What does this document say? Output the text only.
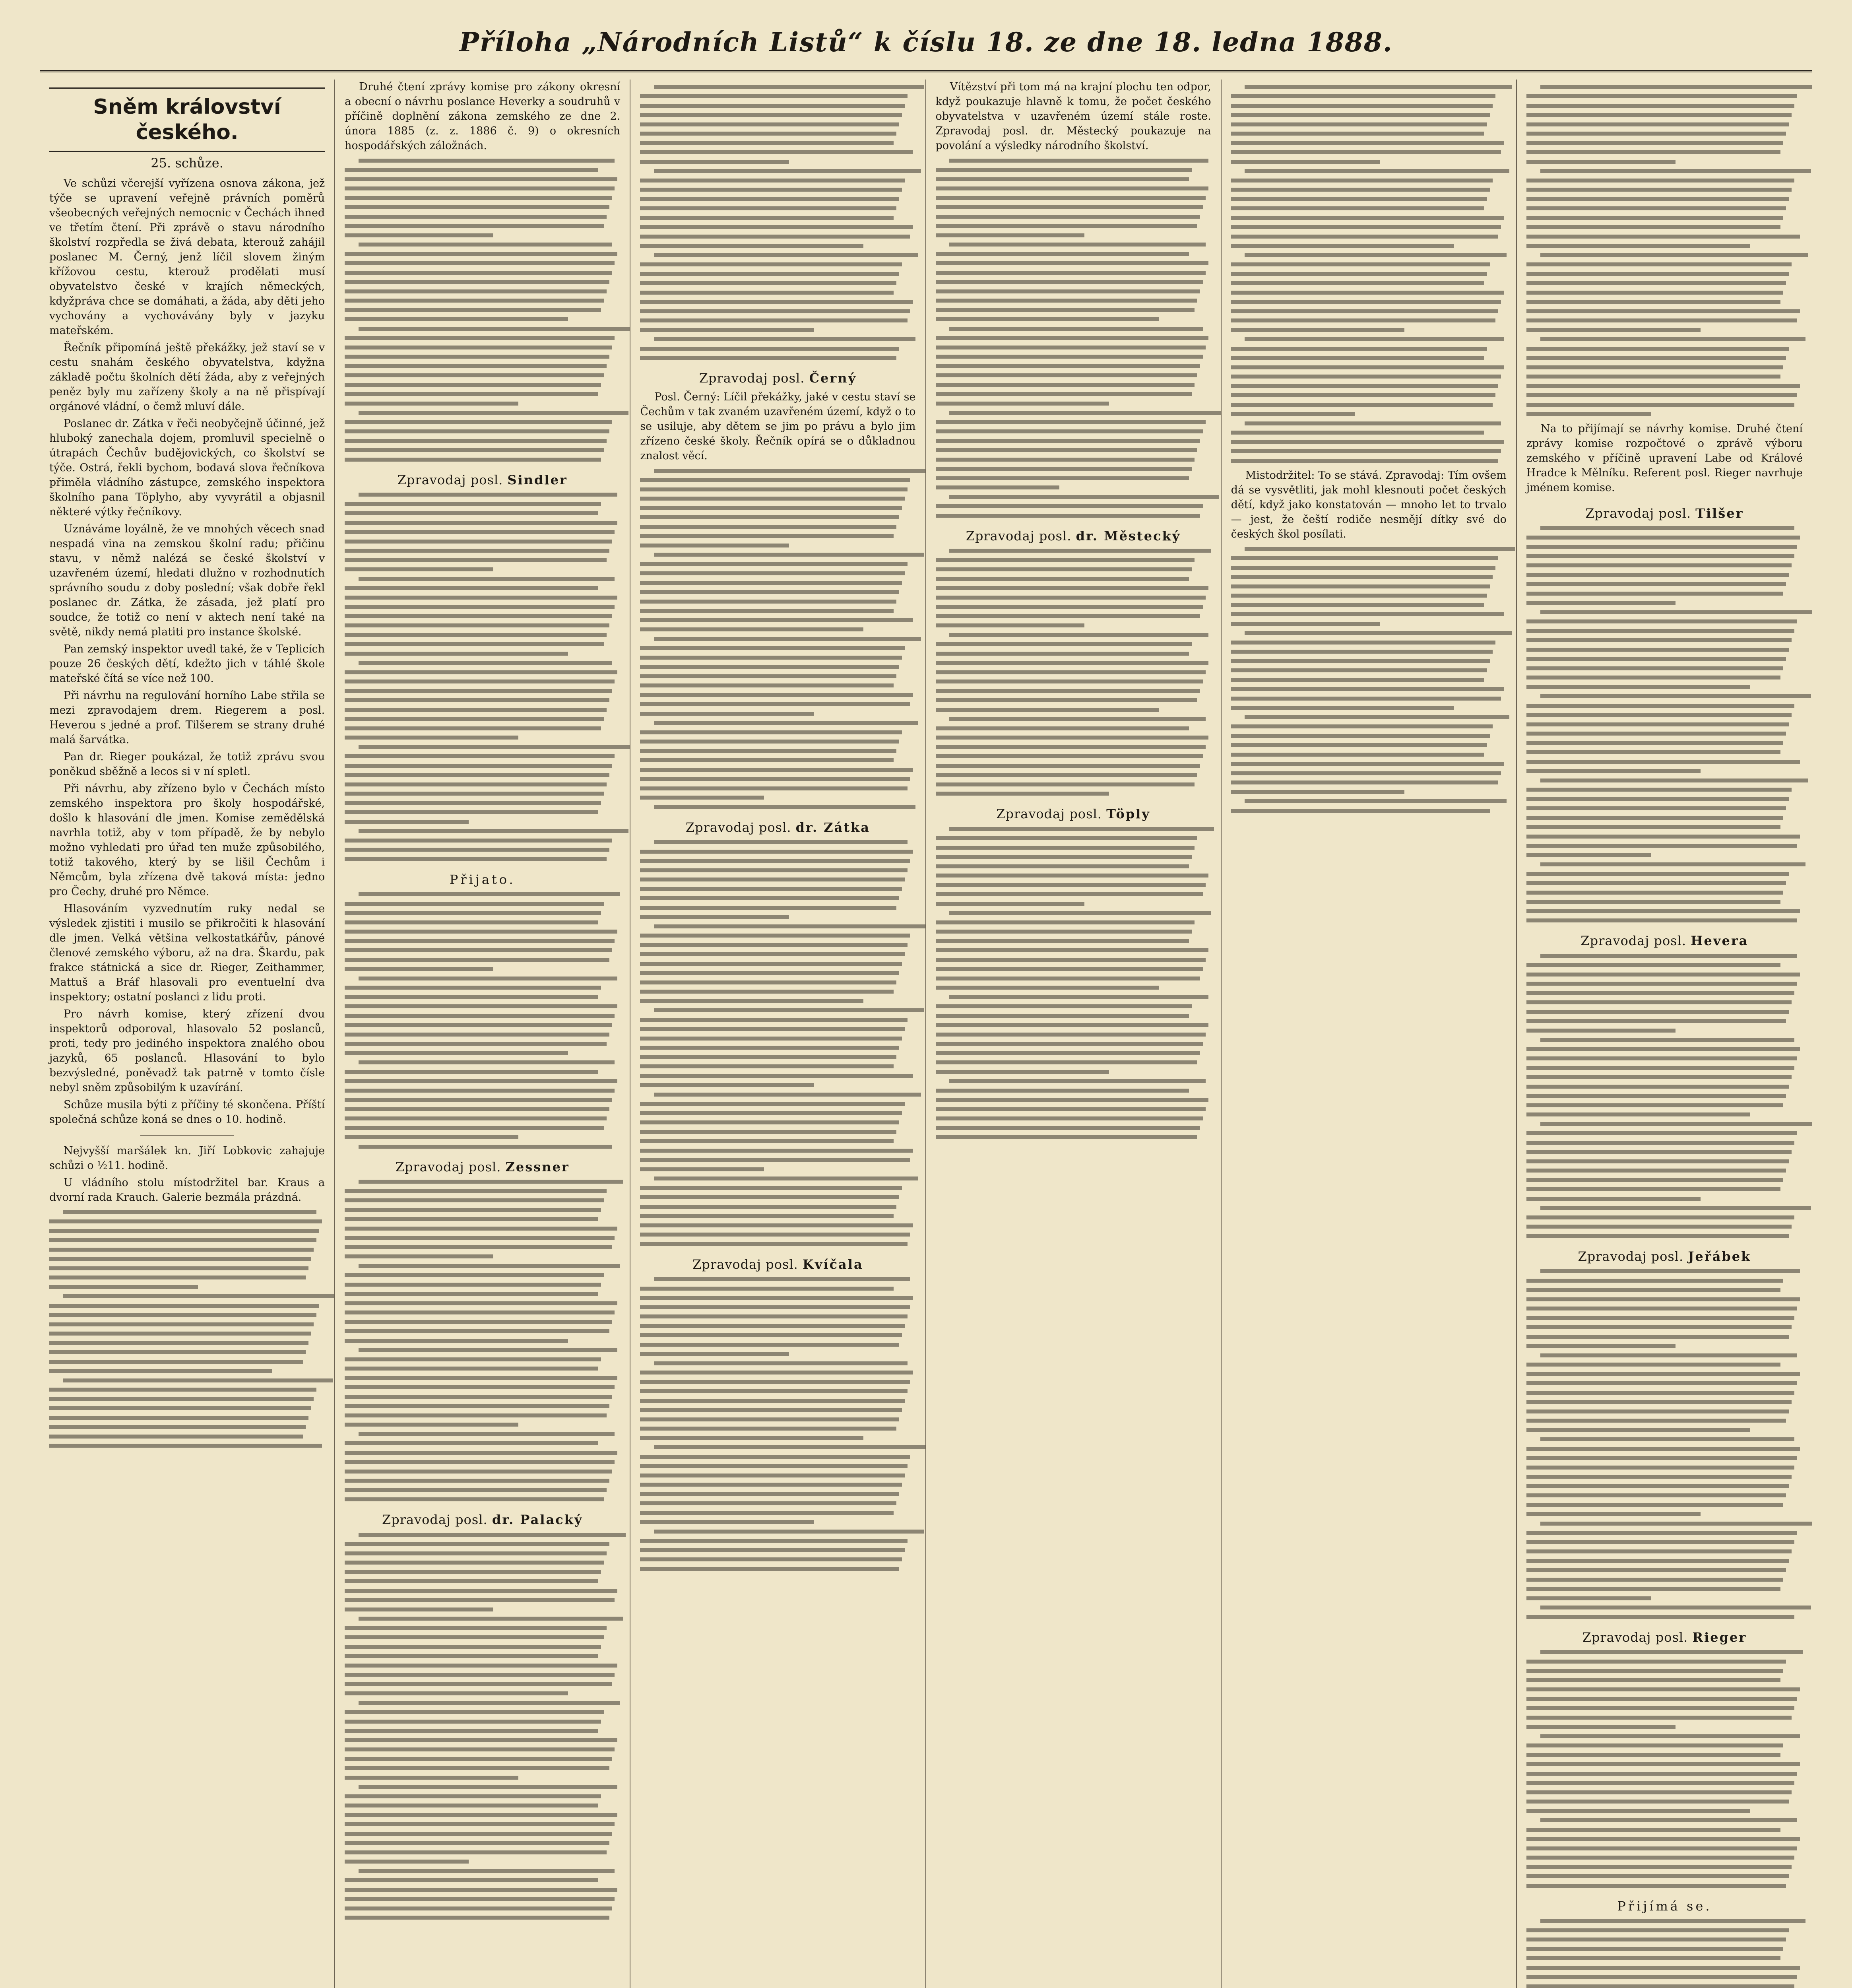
Příloha „Národních Listů“ k číslu 18. ze dne 18. ledna 1888.
Sněm království českého.
25. schůze.

Ve schůzi včerejší vyřízena osnova zákona, jež týče se upravení veřejně právních poměrů všeobecných veřejných nemocnic v Čechách ihned ve třetím čtení. Při zprávě o stavu národního školství rozpředla se živá debata, kterouž zahájil poslanec M. Černý, jenž líčil slovem žiným křížovou cestu, kterouž prodělati musí obyvatelstvo české v krajích německých, kdyžpráva chce se domáhati, a žáda, aby děti jeho vychovány a vychovávány byly v jazyku mateřském.

Řečník připomíná ještě překážky, jež staví se v cestu snahám českého obyvatelstva, kdyžna základě počtu školních dětí žáda, aby z veřejných peněz byly mu zařízeny školy a na ně přispívají orgánové vládní, o čemž mluví dále.

Poslanec dr. Zátka v řeči neobyčejně účinné, jež hluboký zanechala dojem, promluvil specielně o útrapách Čechův budějovických, co školství se týče. Ostrá, řekli bychom, bodavá slova řečníkova přiměla vládního zástupce, zemského inspektora školního pana Töplyho, aby vyvyrátil a objasnil některé výtky řečníkovy.

Uznáváme loyálně, že ve mnohých věcech snad nespadá vina na zemskou školní radu; přičinu stavu, v němž nalézá se české školství v uzavřeném území, hledati dlužno v rozhodnutích správního soudu z doby poslední; však dobře řekl poslanec dr. Zátka, že zásada, jež platí pro soudce, že totiž co není v aktech není také na světě, nikdy nemá platiti pro instance školské.

Pan zemský inspektor uvedl také, že v Teplicích pouze 26 českých dětí, kdežto jich v táhlé škole mateřské čítá se více než 100.

Při návrhu na regulování horního Labe střila se mezi zpravodajem drem. Riegerem a posl. Heverou s jedné a prof. Tilšerem se strany druhé malá šarvátka.

Pan dr. Rieger poukázal, že totiž zprávu svou poněkud sběžně a lecos si v ní spletl.

Při návrhu, aby zřízeno bylo v Čechách místo zemského inspektora pro školy hospodářské, došlo k hlasování dle jmen. Komise zemědělská navrhla totiž, aby v tom případě, že by nebylo možno vyhledati pro úřad ten muže způsobilého, totiž takového, který by se lišil Čechům i Němcům, byla zřízena dvě taková místa: jedno pro Čechy, druhé pro Němce.

Hlasováním vyzvednutím ruky nedal se výsledek zjistiti i musilo se přikročiti k hlasování dle jmen. Velká většina velkostatkářův, pánové členové zemského výboru, až na dra. Škardu, pak frakce státnická a sice dr. Rieger, Zeithammer, Mattuš a Bráf hlasovali pro eventuelní dva inspektory; ostatní poslanci z lidu proti.

Pro návrh komise, který zřízení dvou inspektorů odporoval, hlasovalo 52 poslanců, proti, tedy pro jediného inspektora znalého obou jazyků, 65 poslanců. Hlasování to bylo bezvýsledné, poněvadž tak patrně v tomto čísle nebyl sněm způsobilým k uzavírání.

Schůze musila býti z příčiny té skončena. Příští společná schůze koná se dnes o 10. hodině.

Nejvyšší maršálek kn. Jiří Lobkovic zahajuje schůzi o ½11. hodině.

U vládního stolu místodržitel bar. Kraus a dvorní rada Krauch. Galerie bezmála prázdná.

Druhé čtení zprávy komise pro zákony okresní a obecní o návrhu poslance Heverky a soudruhů v příčině doplnění zákona zemského ze dne 2. února 1885 (z. z. 1886 č. 9) o okresních hospodářských záložnách.

Zpravodaj posl. Sindler
Přijato.
Zpravodaj posl. Zessner
Zpravodaj posl. dr. Palacký
Zpravodaj posl. Černý

Posl. Černý: Líčil překážky, jaké v cestu staví se Čechům v tak zvaném uzavřeném území, když o to se usiluje, aby dětem se jim po právu a bylo jim zřízeno české školy. Řečník opírá se o důkladnou znalost věcí.

Zpravodaj posl. dr. Zátka
Zpravodaj posl. Kvíčala

Vítězství při tom má na krajní plochu ten odpor, když poukazuje hlavně k tomu, že počet českého obyvatelstva v uzavřeném území stále roste. Zpravodaj posl. dr. Městecký poukazuje na povolání a výsledky národního školství.

Zpravodaj posl. dr. Městecký
Zpravodaj posl. Töply

Mistodržitel: To se stává. Zpravodaj: Tím ovšem dá se vysvětliti, jak mohl klesnouti počet českých dětí, když jako konstatován — mnoho let to trvalo — jest, že čeští rodiče nesmějí dítky své do českých škol posílati.

Na to přijímají se návrhy komise. Druhé čtení zprávy komise rozpočtové o zprávě výboru zemského v příčině upravení Labe od Králové Hradce k Mělníku. Referent posl. Rieger navrhuje jménem komise.

Zpravodaj posl. Tilšer
Zpravodaj posl. Hevera
Zpravodaj posl. Jeřábek
Zpravodaj posl. Rieger
Přijímá se.
